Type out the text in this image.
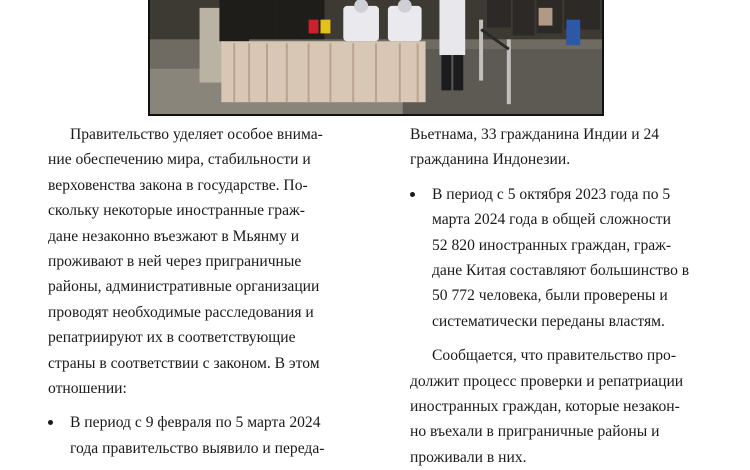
Правительство уделяет особое внима-
ние обеспечению мира, стабильности и
верховенства закона в государстве. По-
скольку некоторые иностранные граж-
дане незаконно въезжают в Мьянму и
проживают в ней через приграничные
районы, административные организации
проводят необходимые расследования и
репатриируют их в соответствующие
страны в соответствии с законом. В этом
отношении:

В период с 9 февраля по 5 марта 2024
года правительство выявило и переда-

Вьетнама, 33 гражданина Индии и 24
гражданина Индонезии.

В период с 5 октября 2023 года по 5
марта 2024 года в общей сложности
52 820 иностранных граждан, граж-
дане Китая составляют большинство в
50 772 человека, были проверены и
систематически переданы властям.

Сообщается, что правительство про-
должит процесс проверки и репатриации
иностранных граждан, которые незакон-
но въехали в приграничные районы и
проживали в них.
